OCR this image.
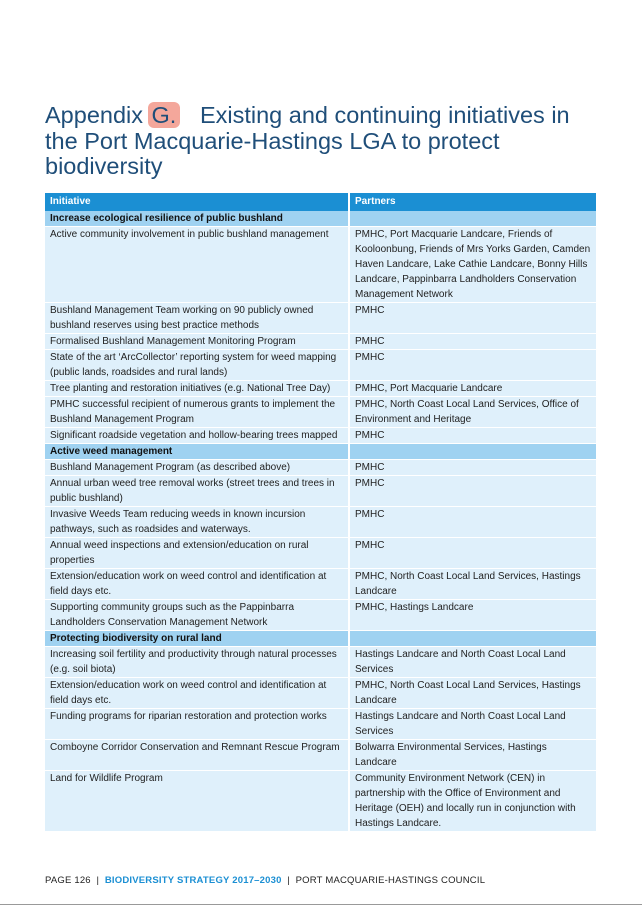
Appendix G. Existing and continuing initiatives in the Port Macquarie-Hastings LGA to protect biodiversity
Initiative	Partners
Increase ecological resilience of public bushland	
Active community involvement in public bushland management	PMHC, Port Macquarie Landcare, Friends of Kooloonbung, Friends of Mrs Yorks Garden, Camden Haven Landcare, Lake Cathie Landcare, Bonny Hills Landcare, Pappinbarra Landholders Conservation Management Network
Bushland Management Team working on 90 publicly owned bushland reserves using best practice methods	PMHC
Formalised Bushland Management Monitoring Program	PMHC
State of the art ‘ArcCollector’ reporting system for weed mapping (public lands, roadsides and rural lands)	PMHC
Tree planting and restoration initiatives (e.g. National Tree Day)	PMHC, Port Macquarie Landcare
PMHC successful recipient of numerous grants to implement the Bushland Management Program	PMHC, North Coast Local Land Services, Office of Environment and Heritage
Significant roadside vegetation and hollow-bearing trees mapped	PMHC
Active weed management	
Bushland Management Program (as described above)	PMHC
Annual urban weed tree removal works (street trees and trees in public bushland)	PMHC
Invasive Weeds Team reducing weeds in known incursion pathways, such as roadsides and waterways.	PMHC
Annual weed inspections and extension/education on rural properties	PMHC
Extension/education work on weed control and identification at field days etc.	PMHC, North Coast Local Land Services, Hastings Landcare
Supporting community groups such as the Pappinbarra Landholders Conservation Management Network	PMHC, Hastings Landcare
Protecting biodiversity on rural land	
Increasing soil fertility and productivity through natural processes (e.g. soil biota)	Hastings Landcare and North Coast Local Land Services
Extension/education work on weed control and identification at field days etc.	PMHC, North Coast Local Land Services, Hastings Landcare
Funding programs for riparian restoration and protection works	Hastings Landcare and North Coast Local Land Services
Comboyne Corridor Conservation and Remnant Rescue Program	Bolwarra Environmental Services, Hastings Landcare
Land for Wildlife Program	Community Environment Network (CEN) in partnership with the Office of Environment and Heritage (OEH) and locally run in conjunction with Hastings Landcare.
PAGE 126 | BIODIVERSITY STRATEGY 2017–2030 | PORT MACQUARIE-HASTINGS COUNCIL
